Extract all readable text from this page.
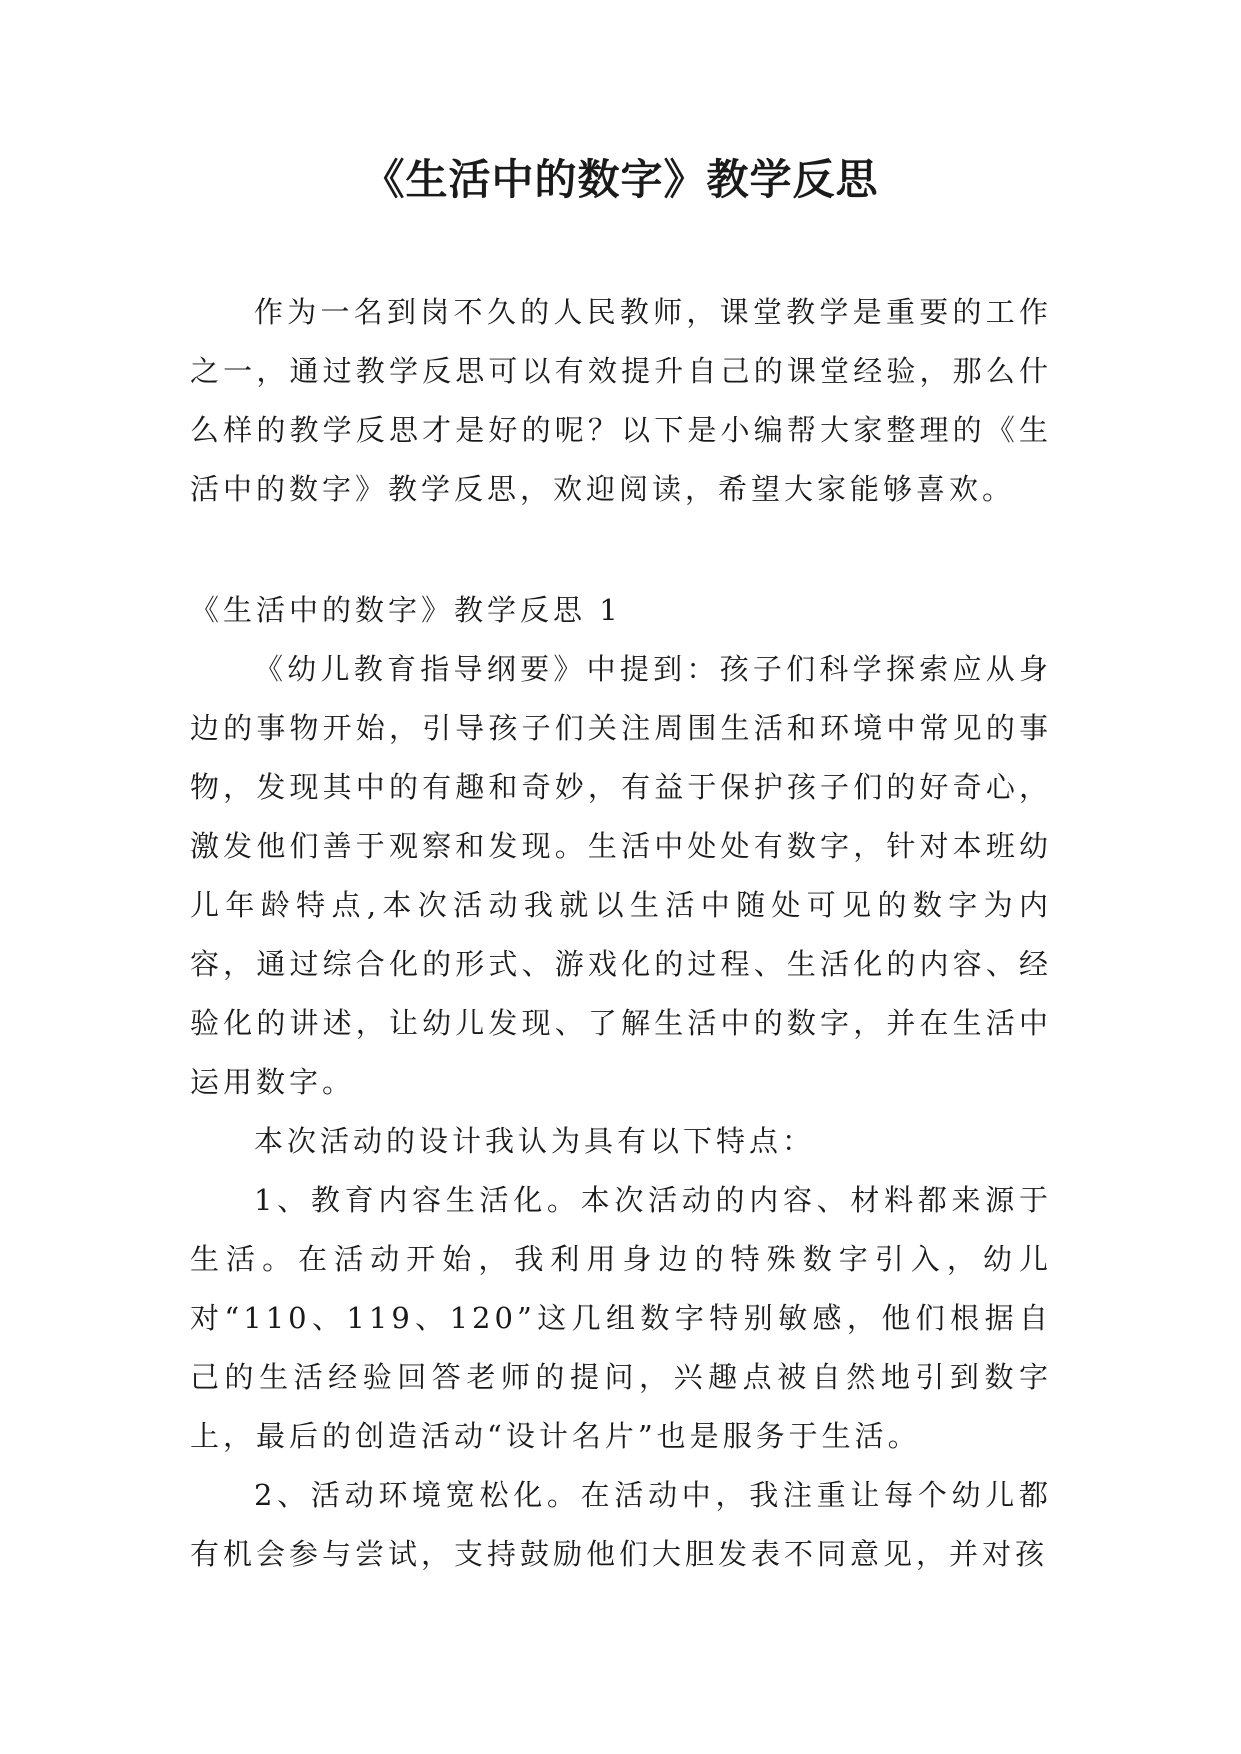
《生活中的数字》教学反思

作为一名到岗不久的人民教师，课堂教学是重要的工作之一，通过教学反思可以有效提升自己的课堂经验，那么什么样的教学反思才是好的呢？以下是小编帮大家整理的《生活中的数字》教学反思，欢迎阅读，希望大家能够喜欢。

《生活中的数字》教学反思 1

《幼儿教育指导纲要》中提到：孩子们科学探索应从身边的事物开始，引导孩子们关注周围生活和环境中常见的事物，发现其中的有趣和奇妙，有益于保护孩子们的好奇心，激发他们善于观察和发现。生活中处处有数字，针对本班幼儿年龄特点,本次活动我就以生活中随处可见的数字为内容，通过综合化的形式、游戏化的过程、生活化的内容、经验化的讲述，让幼儿发现、了解生活中的数字，并在生活中运用数字。

本次活动的设计我认为具有以下特点：

1、教育内容生活化。本次活动的内容、材料都来源于生活。在活动开始，我利用身边的特殊数字引入，幼儿对“110、119、120”这几组数字特别敏感，他们根据自己的生活经验回答老师的提问，兴趣点被自然地引到数字上，最后的创造活动“设计名片”也是服务于生活。

2、活动环境宽松化。在活动中，我注重让每个幼儿都有机会参与尝试，支持鼓励他们大胆发表不同意见，并对孩
